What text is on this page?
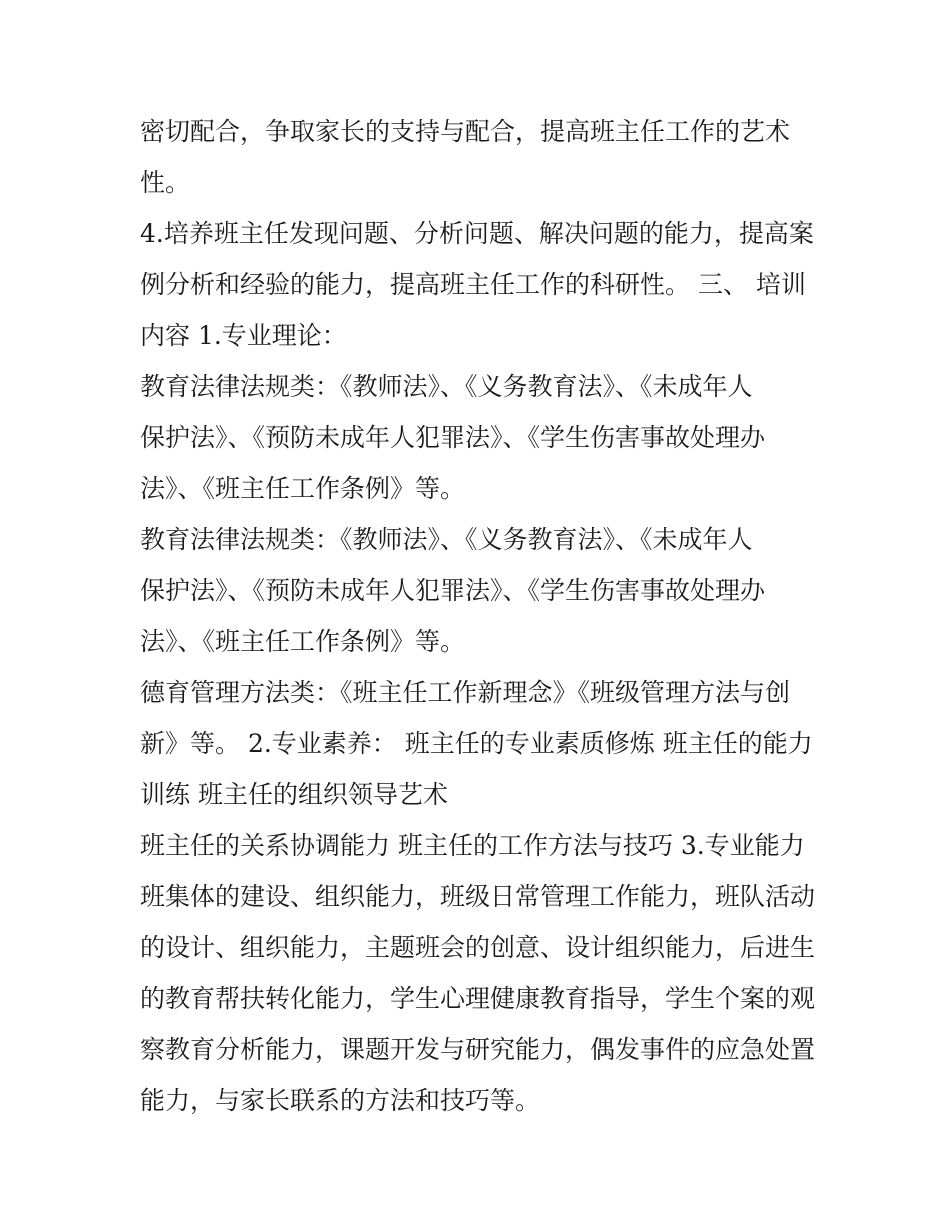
密切配合，争取家长的支持与配合，提高班主任工作的艺术
性。
4.培养班主任发现问题、分析问题、解决问题的能力，提高案
例分析和经验的能力，提高班主任工作的科研性。 三、 培训
内容 1.专业理论：
教育法律法规类：《教师法》、《义务教育法》、《未成年人
保护法》、《预防未成年人犯罪法》、《学生伤害事故处理办
法》、《班主任工作条例》等。
教育法律法规类：《教师法》、《义务教育法》、《未成年人
保护法》、《预防未成年人犯罪法》、《学生伤害事故处理办
法》、《班主任工作条例》等。
德育管理方法类：《班主任工作新理念》《班级管理方法与创
新》等。 2.专业素养： 班主任的专业素质修炼 班主任的能力
训练 班主任的组织领导艺术
班主任的关系协调能力 班主任的工作方法与技巧 3.专业能力
班集体的建设、组织能力，班级日常管理工作能力，班队活动
的设计、组织能力，主题班会的创意、设计组织能力，后进生
的教育帮扶转化能力，学生心理健康教育指导，学生个案的观
察教育分析能力，课题开发与研究能力，偶发事件的应急处置
能力，与家长联系的方法和技巧等。
